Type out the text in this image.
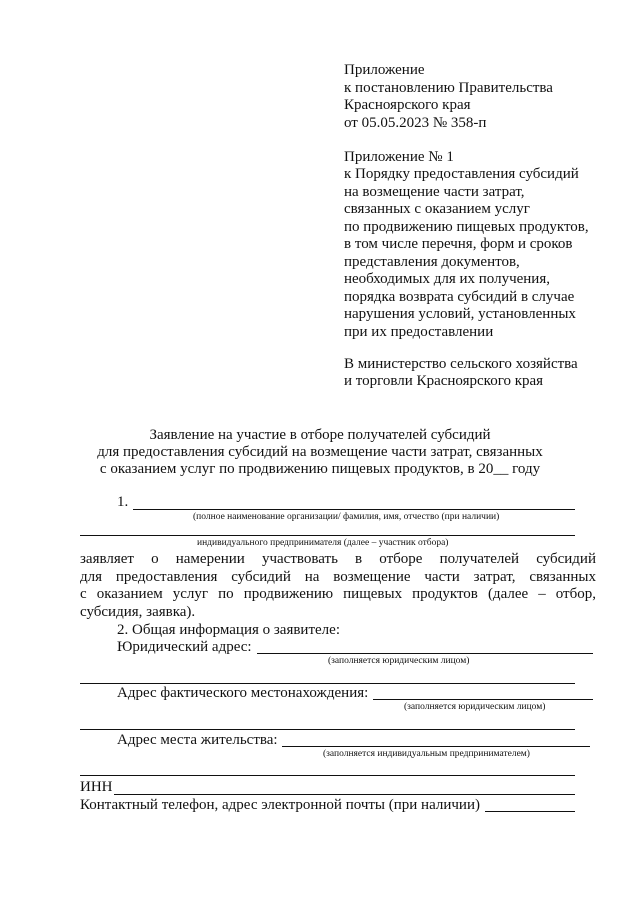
Приложение
к постановлению Правительства
Красноярского края
от 05.05.2023 № 358-п
Приложение № 1
к Порядку предоставления субсидий
на возмещение части затрат,
связанных с оказанием услуг
по продвижению пищевых продуктов,
в том числе перечня, форм и сроков
представления документов,
необходимых для их получения,
порядка возврата субсидий в случае
нарушения условий, установленных
при их предоставлении
В министерство сельского хозяйства
и торговли Красноярского края
Заявление на участие в отборе получателей субсидий
для предоставления субсидий на возмещение части затрат, связанных
с оказанием услуг по продвижению пищевых продуктов, в 20__ году
1.
(полное наименование организации/ фамилия, имя, отчество (при наличии)
индивидуального предпринимателя (далее – участник отбора)
заявляет о намерении участвовать в отборе получателей субсидий
для предоставления субсидий на возмещение части затрат, связанных
с оказанием услуг по продвижению пищевых продуктов (далее – отбор,
субсидия, заявка).
2. Общая информация о заявителе:
Юридический адрес:
(заполняется юридическим лицом)
Адрес фактического местонахождения:
(заполняется юридическим лицом)
Адрес места жительства:
(заполняется индивидуальным предпринимателем)
ИНН
Контактный телефон, адрес электронной почты (при наличии)
